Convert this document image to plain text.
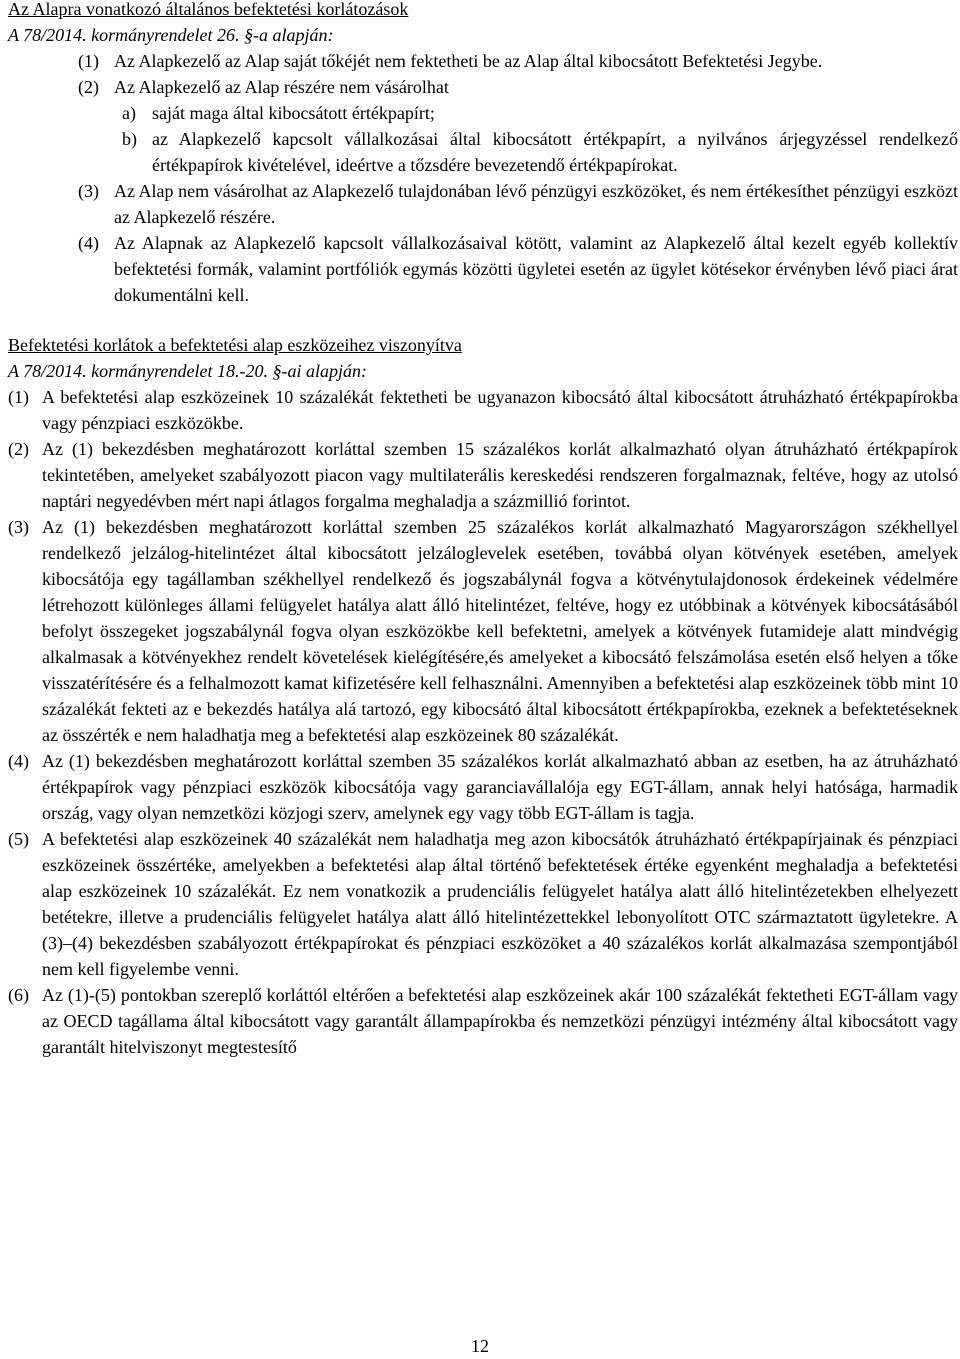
Az Alapra vonatkozó általános befektetési korlátozások
A 78/2014. kormányrendelet 26. §-a alapján:
(1) Az Alapkezelő az Alap saját tőkéjét nem fektetheti be az Alap által kibocsátott Befektetési Jegybe.
(2) Az Alapkezelő az Alap részére nem vásárolhat
a) saját maga által kibocsátott értékpapírt;
b) az Alapkezelő kapcsolt vállalkozásai által kibocsátott értékpapírt, a nyilvános árjegyzéssel rendelkező értékpapírok kivételével, ideértve a tőzsdére bevezetendő értékpapírokat.
(3) Az Alap nem vásárolhat az Alapkezelő tulajdonában lévő pénzügyi eszközöket, és nem értékesíthet pénzügyi eszközt az Alapkezelő részére.
(4) Az Alapnak az Alapkezelő kapcsolt vállalkozásaival kötött, valamint az Alapkezelő által kezelt egyéb kollektív befektetési formák, valamint portfóliók egymás közötti ügyletei esetén az ügylet kötésekor érvényben lévő piaci árat dokumentálni kell.
Befektetési korlátok a befektetési alap eszközeihez viszonyítva
A 78/2014. kormányrendelet 18.-20. §-ai alapján:
(1) A befektetési alap eszközeinek 10 százalékát fektetheti be ugyanazon kibocsátó által kibocsátott átruházható értékpapírokba vagy pénzpiaci eszközökbe.
(2) Az (1) bekezdésben meghatározott korláttal szemben 15 százalékos korlát alkalmazható olyan átruházható értékpapírok tekintetében, amelyeket szabályozott piacon vagy multilaterális kereskedési rendszeren forgalmaznak, feltéve, hogy az utolsó naptári negyedévben mért napi átlagos forgalma meghaladja a százmillió forintot.
(3) Az (1) bekezdésben meghatározott korláttal szemben 25 százalékos korlát alkalmazható Magyarországon székhellyel rendelkező jelzálog-hitelintézet által kibocsátott jelzáloglevelek esetében, továbbá olyan kötvények esetében, amelyek kibocsátója egy tagállamban székhellyel rendelkező és jogszabálynál fogva a kötvénytulajdonosok érdekeinek védelmére létrehozott különleges állami felügyelet hatálya alatt álló hitelintézet, feltéve, hogy ez utóbbinak a kötvények kibocsátásából befolyt összegeket jogszabálynál fogva olyan eszközökbe kell befektetni, amelyek a kötvények futamideje alatt mindvégig alkalmasak a kötvényekhez rendelt követelések kielégítésére,és amelyeket a kibocsátó felszámolása esetén első helyen a tőke visszatérítésére és a felhalmozott kamat kifizetésére kell felhasználni. Amennyiben a befektetési alap eszközeinek több mint 10 százalékát fekteti az e bekezdés hatálya alá tartozó, egy kibocsátó által kibocsátott értékpapírokba, ezeknek a befektetéseknek az összérték e nem haladhatja meg a befektetési alap eszközeinek 80 százalékát.
(4) Az (1) bekezdésben meghatározott korláttal szemben 35 százalékos korlát alkalmazható abban az esetben, ha az átruházható értékpapírok vagy pénzpiaci eszközök kibocsátója vagy garanciavállalója egy EGT-állam, annak helyi hatósága, harmadik ország, vagy olyan nemzetközi közjogi szerv, amelynek egy vagy több EGT-állam is tagja.
(5) A befektetési alap eszközeinek 40 százalékát nem haladhatja meg azon kibocsátók átruházható értékpapírjainak és pénzpiaci eszközeinek összértéke, amelyekben a befektetési alap által történő befektetések értéke egyenként meghaladja a befektetési alap eszközeinek 10 százalékát. Ez nem vonatkozik a prudenciális felügyelet hatálya alatt álló hitelintézetekben elhelyezett betétekre, illetve a prudenciális felügyelet hatálya alatt álló hitelintézettekkel lebonyolított OTC származtatott ügyletekre. A (3)–(4) bekezdésben szabályozott értékpapírokat és pénzpiaci eszközöket a 40 százalékos korlát alkalmazása szempontjából nem kell figyelembe venni.
(6) Az (1)-(5) pontokban szereplő korláttól eltérően a befektetési alap eszközeinek akár 100 százalékát fektetheti EGT-állam vagy az OECD tagállama által kibocsátott vagy garantált állampapírokba és nemzetközi pénzügyi intézmény által kibocsátott vagy garantált hitelviszonyt megtestesítő
12
